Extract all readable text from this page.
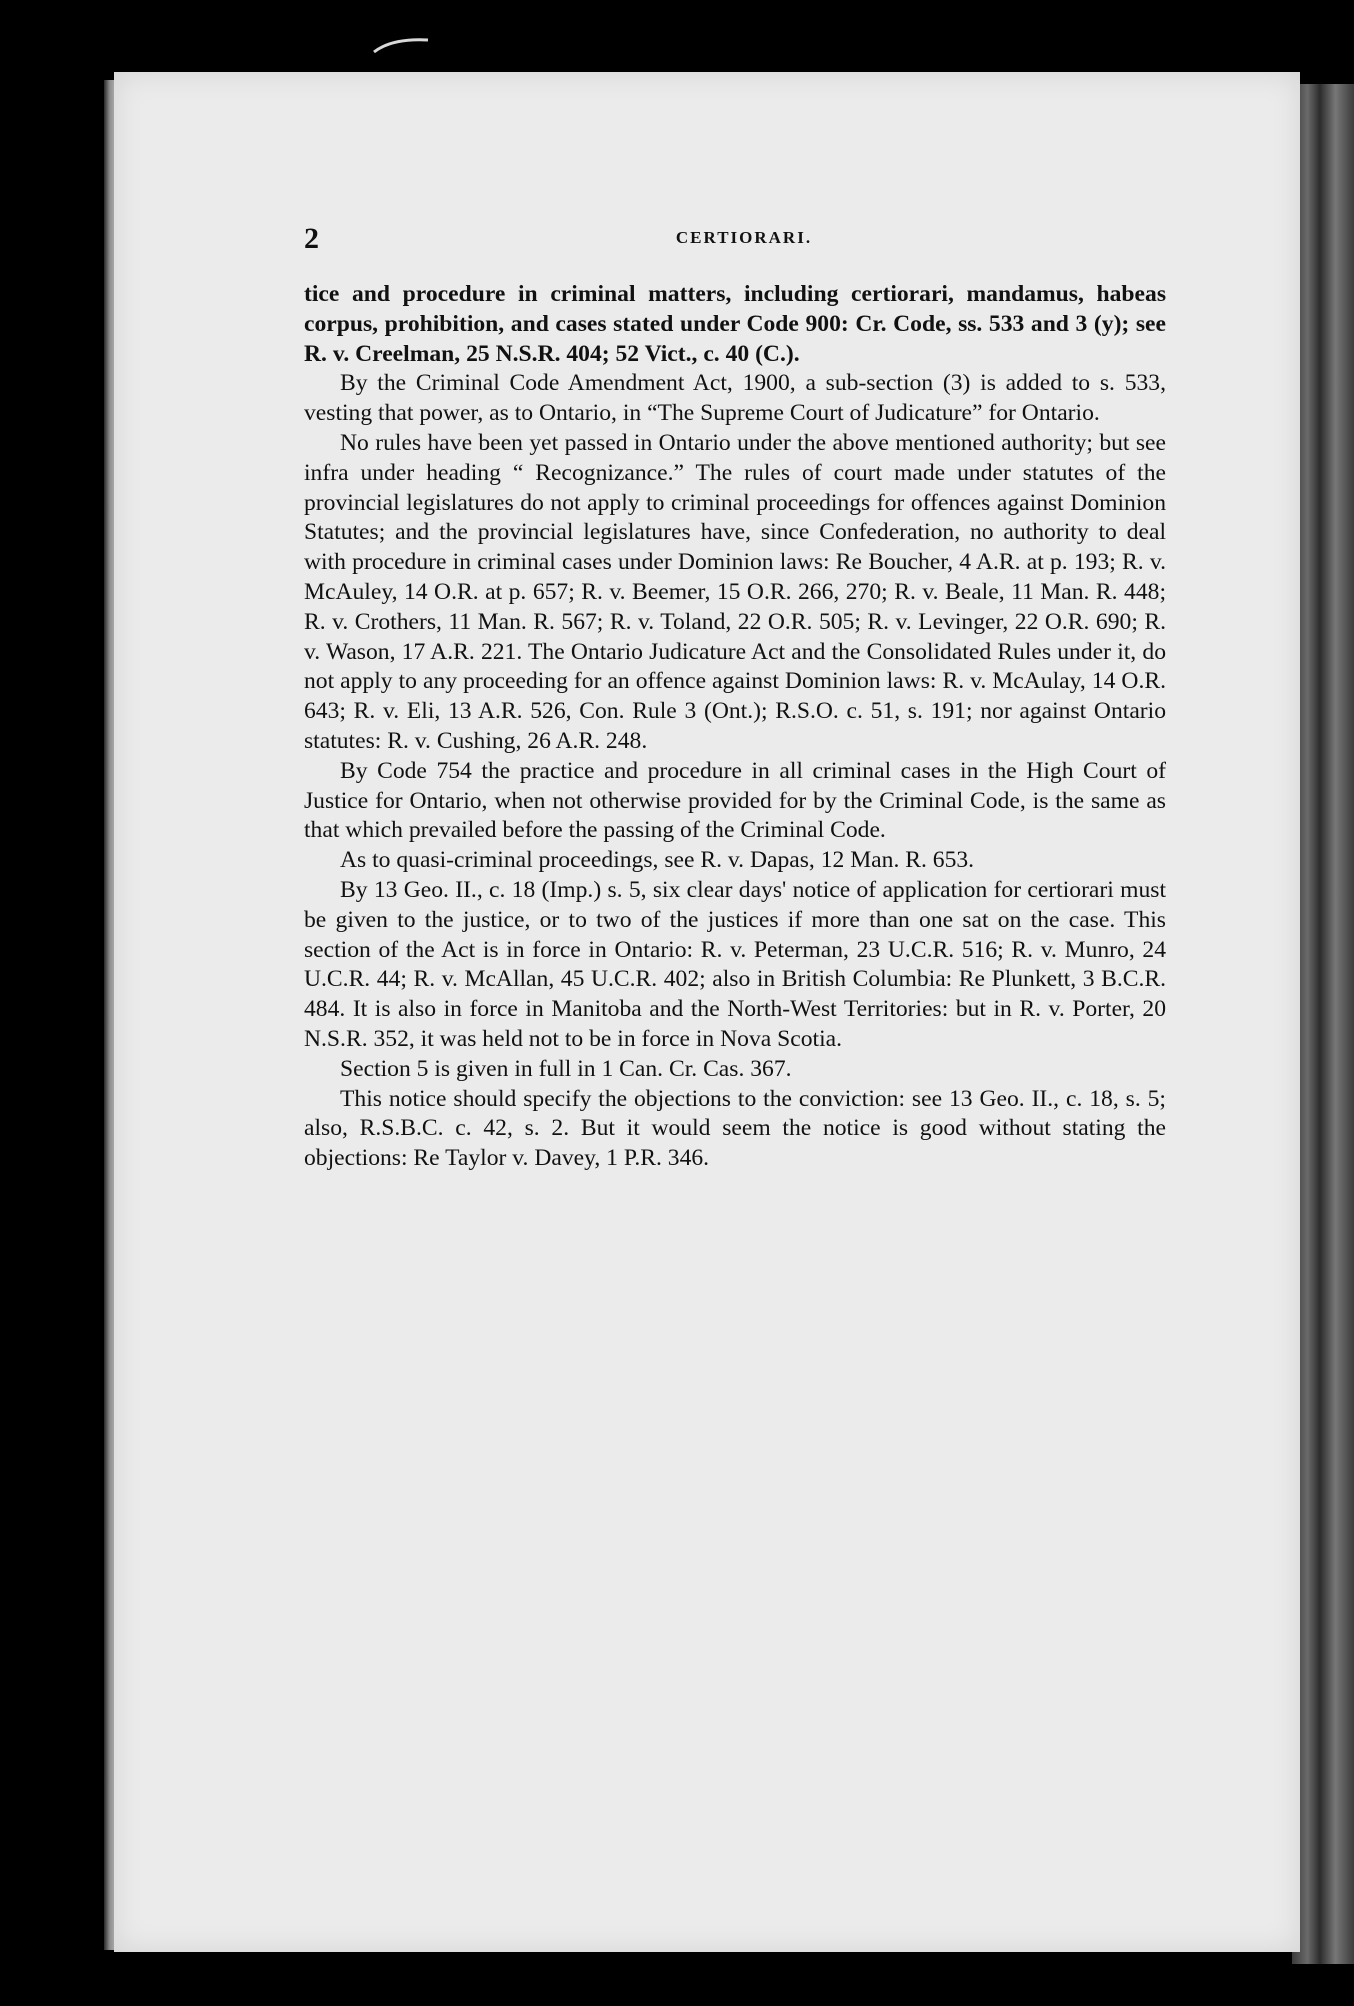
2	CERTIORARI.

tice and procedure in criminal matters, including certiorari, mandamus, habeas corpus, prohibition, and cases stated under Code 900: Cr. Code, ss. 533 and 3 (y); see R. v. Creelman, 25 N.S.R. 404; 52 Vict., c. 40 (C.).

By the Criminal Code Amendment Act, 1900, a sub-section (3) is added to s. 533, vesting that power, as to Ontario, in “The Supreme Court of Judicature” for Ontario.

No rules have been yet passed in Ontario under the above mentioned authority; but see infra under heading “ Recognizance.” The rules of court made under statutes of the provincial legislatures do not apply to criminal proceedings for offences against Dominion Statutes; and the provincial legislatures have, since Confederation, no authority to deal with procedure in criminal cases under Dominion laws: Re Boucher, 4 A.R. at p. 193; R. v. McAuley, 14 O.R. at p. 657; R. v. Beemer, 15 O.R. 266, 270; R. v. Beale, 11 Man. R. 448; R. v. Crothers, 11 Man. R. 567; R. v. Toland, 22 O.R. 505; R. v. Levinger, 22 O.R. 690; R. v. Wason, 17 A.R. 221. The Ontario Judicature Act and the Consolidated Rules under it, do not apply to any proceeding for an offence against Dominion laws: R. v. McAulay, 14 O.R. 643; R. v. Eli, 13 A.R. 526, Con. Rule 3 (Ont.); R.S.O. c. 51, s. 191; nor against Ontario statutes: R. v. Cushing, 26 A.R. 248.

By Code 754 the practice and procedure in all criminal cases in the High Court of Justice for Ontario, when not otherwise provided for by the Criminal Code, is the same as that which prevailed before the passing of the Criminal Code.

As to quasi-criminal proceedings, see R. v. Dapas, 12 Man. R. 653.

By 13 Geo. II., c. 18 (Imp.) s. 5, six clear days' notice of application for certiorari must be given to the justice, or to two of the justices if more than one sat on the case. This section of the Act is in force in Ontario: R. v. Peterman, 23 U.C.R. 516; R. v. Munro, 24 U.C.R. 44; R. v. McAllan, 45 U.C.R. 402; also in British Columbia: Re Plunkett, 3 B.C.R. 484. It is also in force in Manitoba and the North-West Territories: but in R. v. Porter, 20 N.S.R. 352, it was held not to be in force in Nova Scotia.

Section 5 is given in full in 1 Can. Cr. Cas. 367.

This notice should specify the objections to the conviction: see 13 Geo. II., c. 18, s. 5; also, R.S.B.C. c. 42, s. 2. But it would seem the notice is good without stating the objections: Re Taylor v. Davey, 1 P.R. 346.
